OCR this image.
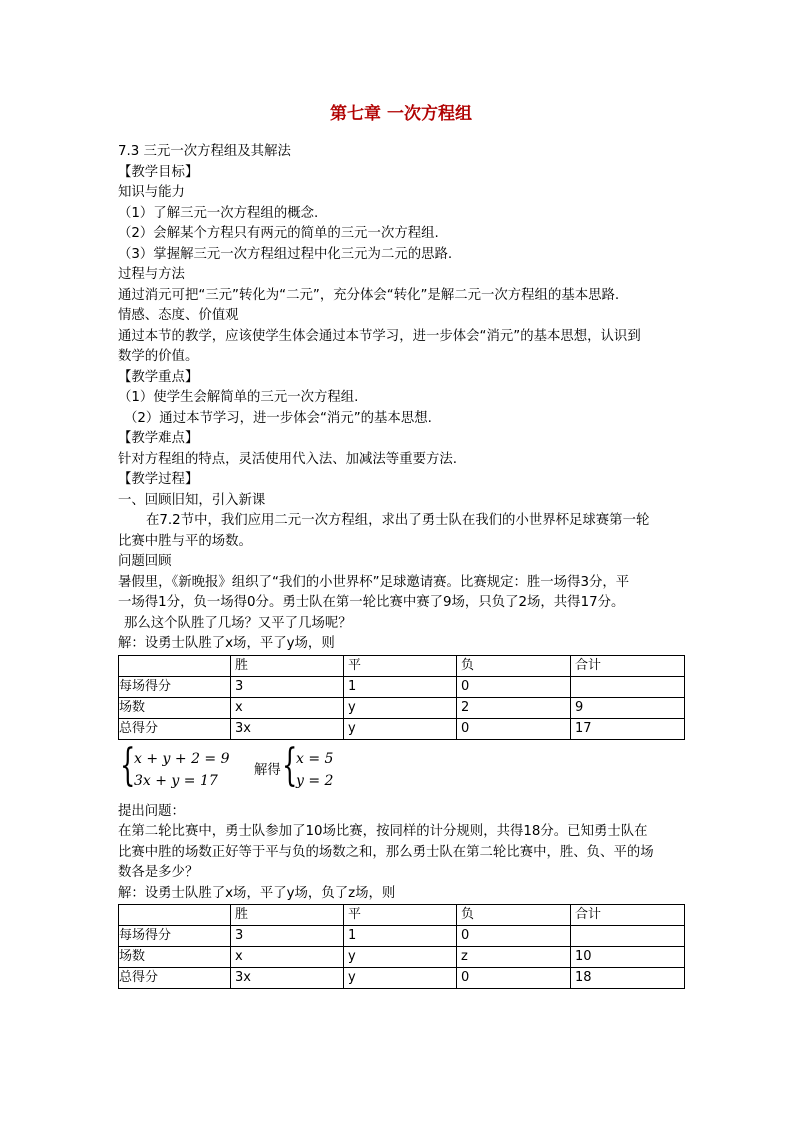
第七章 一次方程组
7.3 三元一次方程组及其解法
【教学目标】
知识与能力
（1）了解三元一次方程组的概念.
（2）会解某个方程只有两元的简单的三元一次方程组.
（3）掌握解三元一次方程组过程中化三元为二元的思路.
过程与方法
通过消元可把“三元”转化为“二元”，充分体会“转化”是解二元一次方程组的基本思路.
情感、态度、价值观
通过本节的教学，应该使学生体会通过本节学习，进一步体会“消元”的基本思想，认识到
数学的价值。
【教学重点】
（1）使学生会解简单的三元一次方程组.
（2）通过本节学习，进一步体会“消元”的基本思想.
【教学难点】
针对方程组的特点，灵活使用代入法、加减法等重要方法.
【教学过程】
一、回顾旧知，引入新课
在7.2节中，我们应用二元一次方程组，求出了勇士队在我们的小世界杯足球赛第一轮
比赛中胜与平的场数。
问题回顾
暑假里，《新晚报》组织了“我们的小世界杯”足球邀请赛。比赛规定：胜一场得3分，平
一场得1分，负一场得0分。勇士队在第一轮比赛中赛了9场，只负了2场，共得17分。
那么这个队胜了几场？又平了几场呢？
解：设勇士队胜了x场，平了y场，则
	胜	平	负	合计
每场得分	3	1	0	
场数	x	y	2	9
总得分	3x	y	0	17
{
x + y + 2 = 9
3x + y = 17
解得 {
x = 5
y = 2
提出问题：
在第二轮比赛中，勇士队参加了10场比赛，按同样的计分规则，共得18分。已知勇士队在
比赛中胜的场数正好等于平与负的场数之和，那么勇士队在第二轮比赛中，胜、负、平的场
数各是多少？
解：设勇士队胜了x场，平了y场，负了z场，则
	胜	平	负	合计
每场得分	3	1	0	
场数	x	y	z	10
总得分	3x	y	0	18
